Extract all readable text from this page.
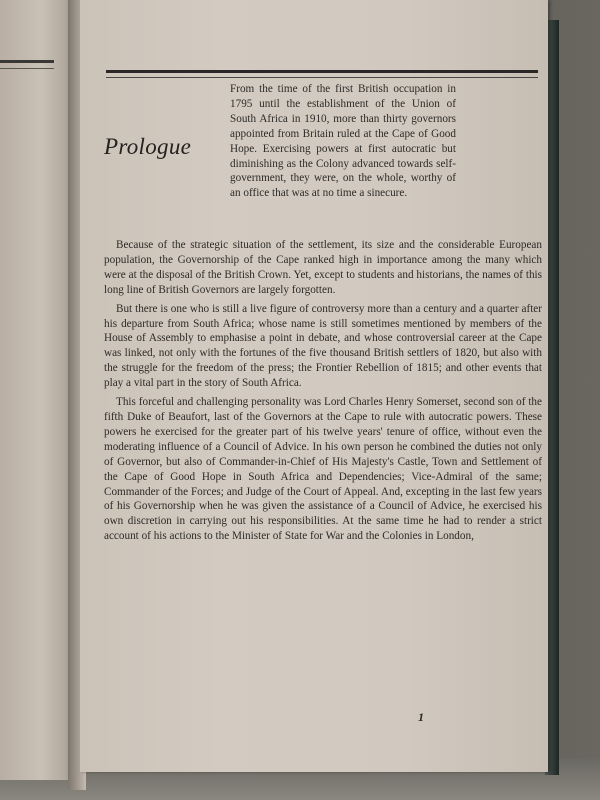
Prologue

From the time of the first British occupation in 1795 until the establishment of the Union of South Africa in 1910, more than thirty governors appointed from Britain ruled at the Cape of Good Hope. Exercising powers at first autocratic but diminishing as the Colony advanced towards self-government, they were, on the whole, worthy of an office that was at no time a sinecure.

Because of the strategic situation of the settlement, its size and the considerable European population, the Governorship of the Cape ranked high in importance among the many which were at the disposal of the British Crown. Yet, except to students and historians, the names of this long line of British Governors are largely forgotten.

But there is one who is still a live figure of controversy more than a century and a quarter after his departure from South Africa; whose name is still sometimes mentioned by members of the House of Assembly to emphasise a point in debate, and whose controversial career at the Cape was linked, not only with the fortunes of the five thousand British settlers of 1820, but also with the struggle for the freedom of the press; the Frontier Rebellion of 1815; and other events that play a vital part in the story of South Africa.

This forceful and challenging personality was Lord Charles Henry Somerset, second son of the fifth Duke of Beaufort, last of the Governors at the Cape to rule with autocratic powers. These powers he exercised for the greater part of his twelve years' tenure of office, without even the moderating influence of a Council of Advice. In his own person he combined the duties not only of Governor, but also of Commander-in-Chief of His Majesty's Castle, Town and Settlement of the Cape of Good Hope in South Africa and Dependencies; Vice-Admiral of the same; Commander of the Forces; and Judge of the Court of Appeal. And, excepting in the last few years of his Governorship when he was given the assistance of a Council of Advice, he exercised his own discretion in carrying out his responsibilities. At the same time he had to render a strict account of his actions to the Minister of State for War and the Colonies in London,

1
